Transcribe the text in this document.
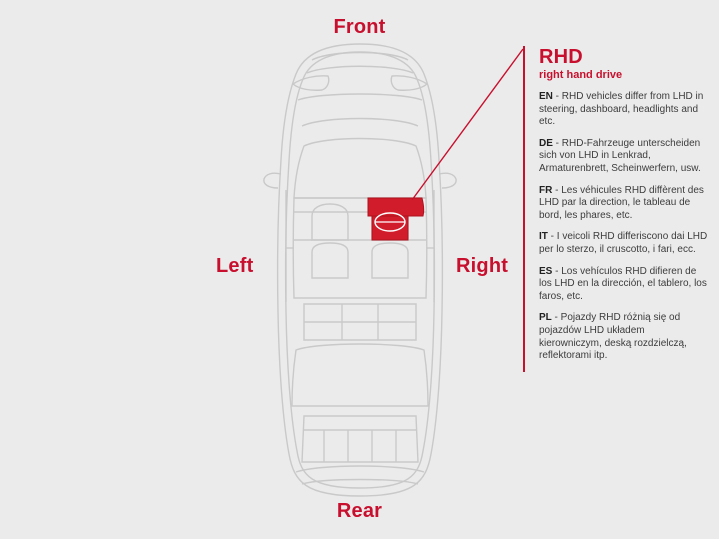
Front
Rear
Left	Right
RHD
right hand drive

EN - RHD vehicles differ from LHD in steering, dashboard, headlights and etc.

DE - RHD-Fahrzeuge unterscheiden sich von LHD in Lenkrad, Armaturenbrett, Scheinwerfern, usw.

FR - Les véhicules RHD diffèrent des LHD par la direction, le tableau de bord, les phares, etc.

IT - I veicoli RHD differiscono dai LHD per lo sterzo, il cruscotto, i fari, ecc.

ES - Los vehículos RHD difieren de los LHD en la dirección, el tablero, los faros, etc.

PL - Pojazdy RHD różnią się od pojazdów LHD układem kierowniczym, deską rozdzielczą, reflektorami itp.
